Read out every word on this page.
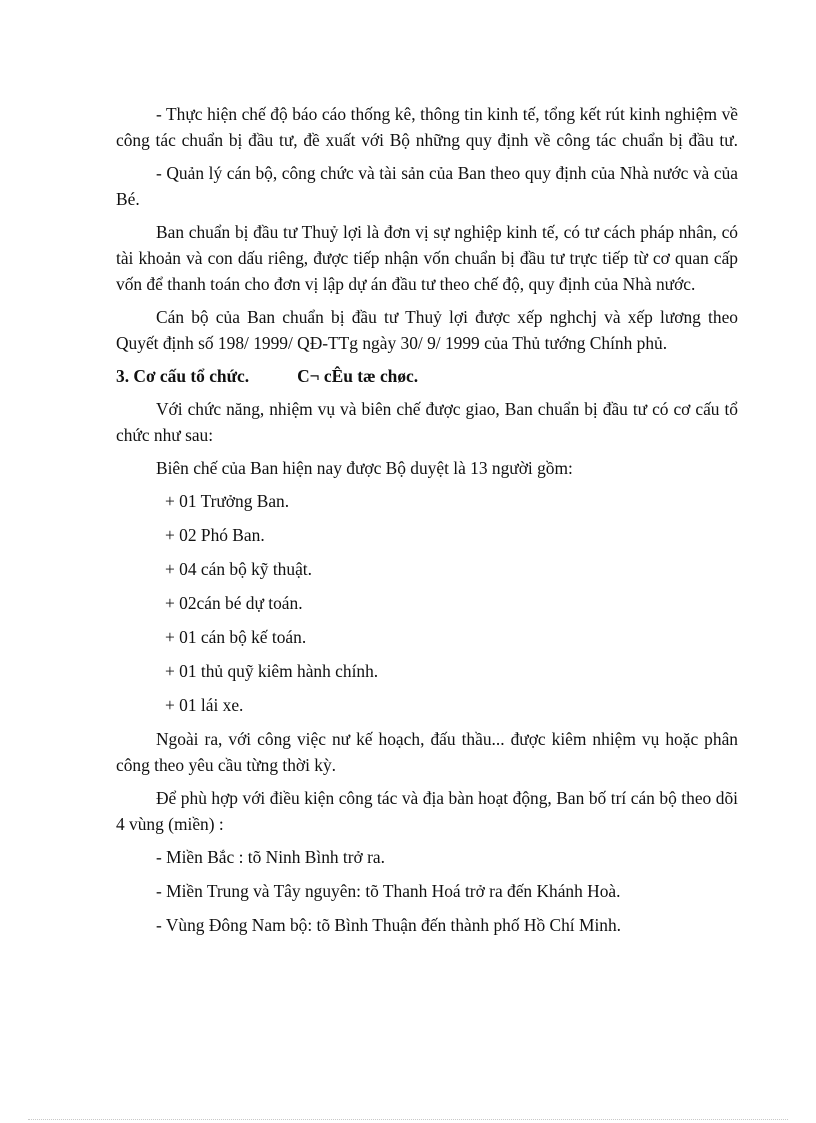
- Thực hiện chế độ báo cáo thống kê, thông tin kinh tế, tổng kết rút kinh nghiệm về công tác chuẩn bị đầu tư, đề xuất với Bộ những quy định về công tác chuẩn bị đầu tư.

- Quản lý cán bộ, công chức và tài sản của Ban theo quy định của Nhà nước và của Bé.

Ban chuẩn bị đầu tư Thuỷ lợi là đơn vị sự nghiệp kinh tế, có tư cách pháp nhân, có tài khoản và con dấu riêng, được tiếp nhận vốn chuẩn bị đầu tư trực tiếp từ cơ quan cấp vốn để thanh toán cho đơn vị lập dự án đầu tư theo chế độ, quy định của Nhà nước.

Cán bộ của Ban chuẩn bị đầu tư Thuỷ lợi được xếp nghchj và xếp lương theo Quyết định số 198/ 1999/ QĐ-TTg ngày 30/ 9/ 1999 của Thủ tướng Chính phủ.

3. Cơ cấu tổ chức.	C¬ cÊu tæ chøc.

Với chức năng, nhiệm vụ và biên chế được giao, Ban chuẩn bị đầu tư có cơ cấu tổ chức như sau:

Biên chế của Ban hiện nay được Bộ duyệt là 13 người gồm:

+ 01 Trưởng Ban.
+ 02 Phó Ban.
+ 04 cán bộ kỹ thuật.
+ 02cán bé dự toán.
+ 01 cán bộ kế toán.
+ 01 thủ quỹ kiêm hành chính.
+ 01 lái xe.

Ngoài ra, với công việc nư kế hoạch, đấu thầu... được kiêm nhiệm vụ hoặc phân công theo yêu cầu từng thời kỳ.

Để phù hợp với điều kiện công tác và địa bàn hoạt động, Ban bố trí cán bộ theo dõi 4 vùng (miền) :

- Miền Bắc : tõ Ninh Bình trở ra.

- Miền Trung và Tây nguyên: tõ Thanh Hoá trở ra đến Khánh Hoà.

- Vùng Đông Nam bộ: tõ Bình Thuận đến thành phố Hồ Chí Minh.
